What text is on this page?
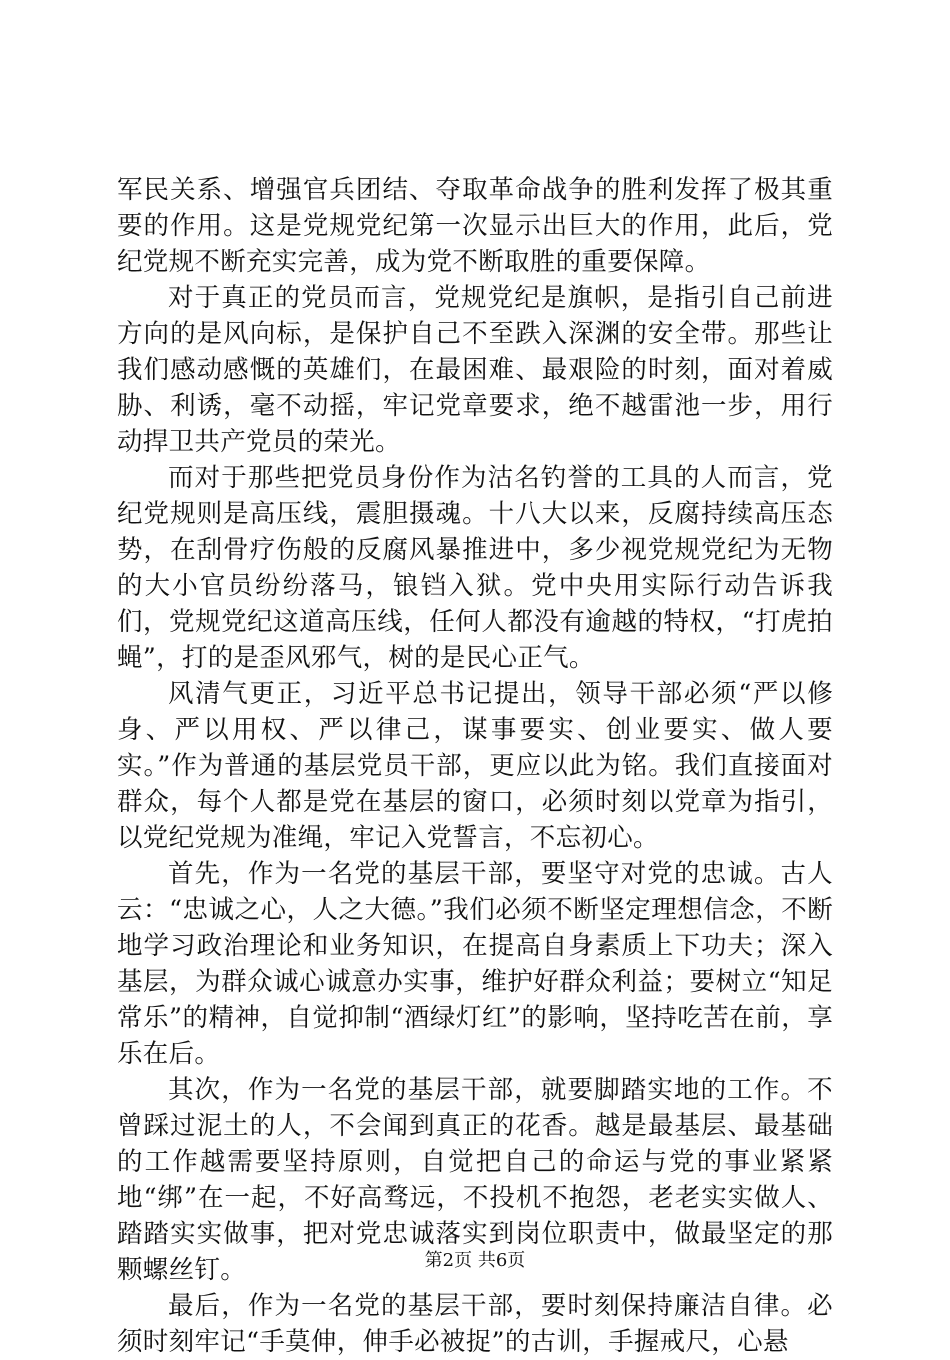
军民关系、增强官兵团结、夺取革命战争的胜利发挥了极其重要的作用。这是党规党纪第一次显示出巨大的作用，此后，党纪党规不断充实完善，成为党不断取胜的重要保障。

对于真正的党员而言，党规党纪是旗帜，是指引自己前进方向的是风向标，是保护自己不至跌入深渊的安全带。那些让我们感动感慨的英雄们，在最困难、最艰险的时刻，面对着威胁、利诱，毫不动摇，牢记党章要求，绝不越雷池一步，用行动捍卫共产党员的荣光。

而对于那些把党员身份作为沽名钓誉的工具的人而言，党纪党规则是高压线，震胆摄魂。十八大以来，反腐持续高压态势，在刮骨疗伤般的反腐风暴推进中，多少视党规党纪为无物的大小官员纷纷落马，锒铛入狱。党中央用实际行动告诉我们，党规党纪这道高压线，任何人都没有逾越的特权，“打虎拍蝇”，打的是歪风邪气，树的是民心正气。

风清气更正，习近平总书记提出，领导干部必须“严以修身、严以用权、严以律己，谋事要实、创业要实、做人要实。”作为普通的基层党员干部，更应以此为铭。我们直接面对群众，每个人都是党在基层的窗口，必须时刻以党章为指引，以党纪党规为准绳，牢记入党誓言，不忘初心。

首先，作为一名党的基层干部，要坚守对党的忠诚。古人云：“忠诚之心，人之大德。”我们必须不断坚定理想信念，不断地学习政治理论和业务知识，在提高自身素质上下功夫；深入基层，为群众诚心诚意办实事，维护好群众利益；要树立“知足常乐”的精神，自觉抑制“酒绿灯红”的影响，坚持吃苦在前，享乐在后。

其次，作为一名党的基层干部，就要脚踏实地的工作。不曾踩过泥土的人，不会闻到真正的花香。越是最基层、最基础的工作越需要坚持原则，自觉把自己的命运与党的事业紧紧地“绑”在一起，不好高骛远，不投机不抱怨，老老实实做人、踏踏实实做事，把对党忠诚落实到岗位职责中，做最坚定的那颗螺丝钉。

最后，作为一名党的基层干部，要时刻保持廉洁自律。必须时刻牢记“手莫伸，伸手必被捉”的古训，手握戒尺，心悬

第2页 共6页
